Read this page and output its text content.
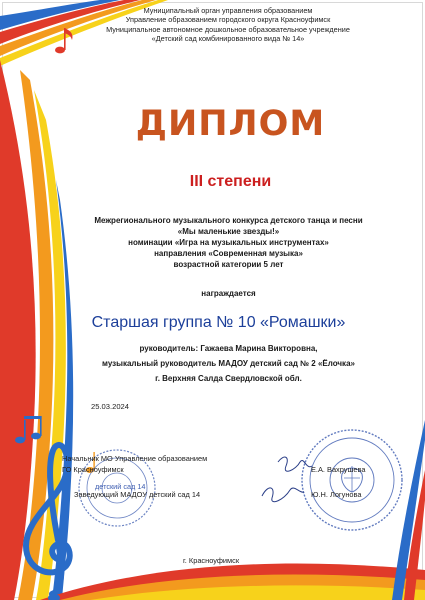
Муниципальный орган управления образованием
Управление образованием городского округа Красноуфимск
Муниципальное автономное дошкольное образовательное учреждение
«Детский сад комбинированного вида № 14»
ДИПЛОМ
III степени
Межрегионального музыкального конкурса детского танца и песни
«Мы маленькие звезды!»
номинации «Игра на музыкальных инструментах»
направления «Современная музыка»
возрастной категории 5 лет
награждается
Старшая группа № 10 «Ромашки»
руководитель: Гажаева Марина Викторовна,
музыкальный руководитель МАДОУ детский сад № 2 «Ёлочка»
г. Верхняя Салда Свердловской обл.
25.03.2024
детский сад 14
Начальник МО Управление образованием
ГО Красноуфимск	Е.А. Вахрушева
Заведующий МАДОУ детский сад 14	Ю.Н. Логунова
г. Красноуфимск
